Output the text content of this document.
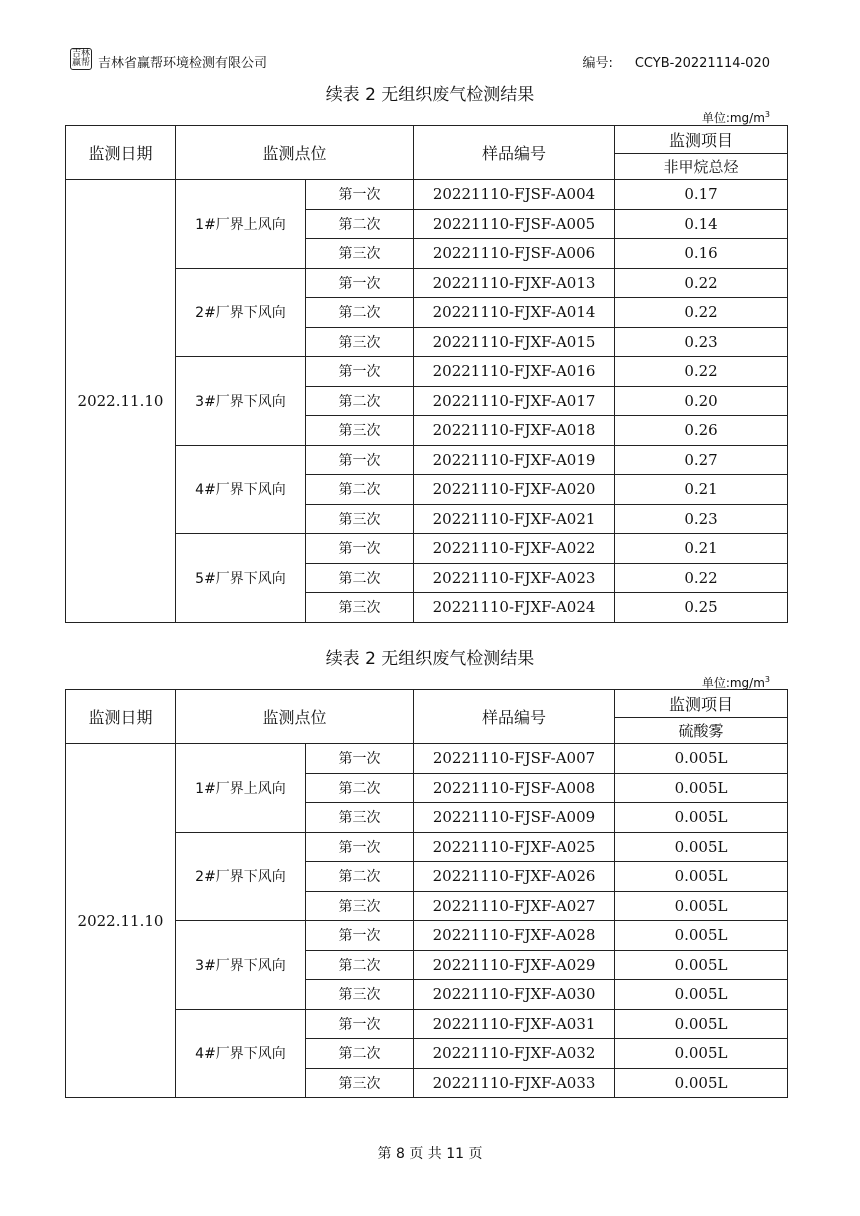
吉林赢帮 吉林省赢帮环境检测有限公司	编号: CCYB-20221114-020
续表 2 无组织废气检测结果
单位$:mg/m^3$
监测日期	监测点位		样品编号	监测项目
				非甲烷总烃
2022.11.10	1#厂界上风向	第一次	20221110-FJSF-A004	0.17
		第二次	20221110-FJSF-A005	0.14
		第三次	20221110-FJSF-A006	0.16
	2#厂界下风向	第一次	20221110-FJXF-A013	0.22
		第二次	20221110-FJXF-A014	0.22
		第三次	20221110-FJXF-A015	0.23
	3#厂界下风向	第一次	20221110-FJXF-A016	0.22
		第二次	20221110-FJXF-A017	0.20
		第三次	20221110-FJXF-A018	0.26
	4#厂界下风向	第一次	20221110-FJXF-A019	0.27
		第二次	20221110-FJXF-A020	0.21
		第三次	20221110-FJXF-A021	0.23
	5#厂界下风向	第一次	20221110-FJXF-A022	0.21
		第二次	20221110-FJXF-A023	0.22
		第三次	20221110-FJXF-A024	0.25
续表 2 无组织废气检测结果
单位$:mg/m^3$
监测日期	监测点位		样品编号	监测项目
				硫酸雾
2022.11.10	1#厂界上风向	第一次	20221110-FJSF-A007	0.005L
		第二次	20221110-FJSF-A008	0.005L
		第三次	20221110-FJSF-A009	0.005L
	2#厂界下风向	第一次	20221110-FJXF-A025	0.005L
		第二次	20221110-FJXF-A026	0.005L
		第三次	20221110-FJXF-A027	0.005L
	3#厂界下风向	第一次	20221110-FJXF-A028	0.005L
		第二次	20221110-FJXF-A029	0.005L
		第三次	20221110-FJXF-A030	0.005L
	4#厂界下风向	第一次	20221110-FJXF-A031	0.005L
		第二次	20221110-FJXF-A032	0.005L
		第三次	20221110-FJXF-A033	0.005L
第 8 页 共 11 页
